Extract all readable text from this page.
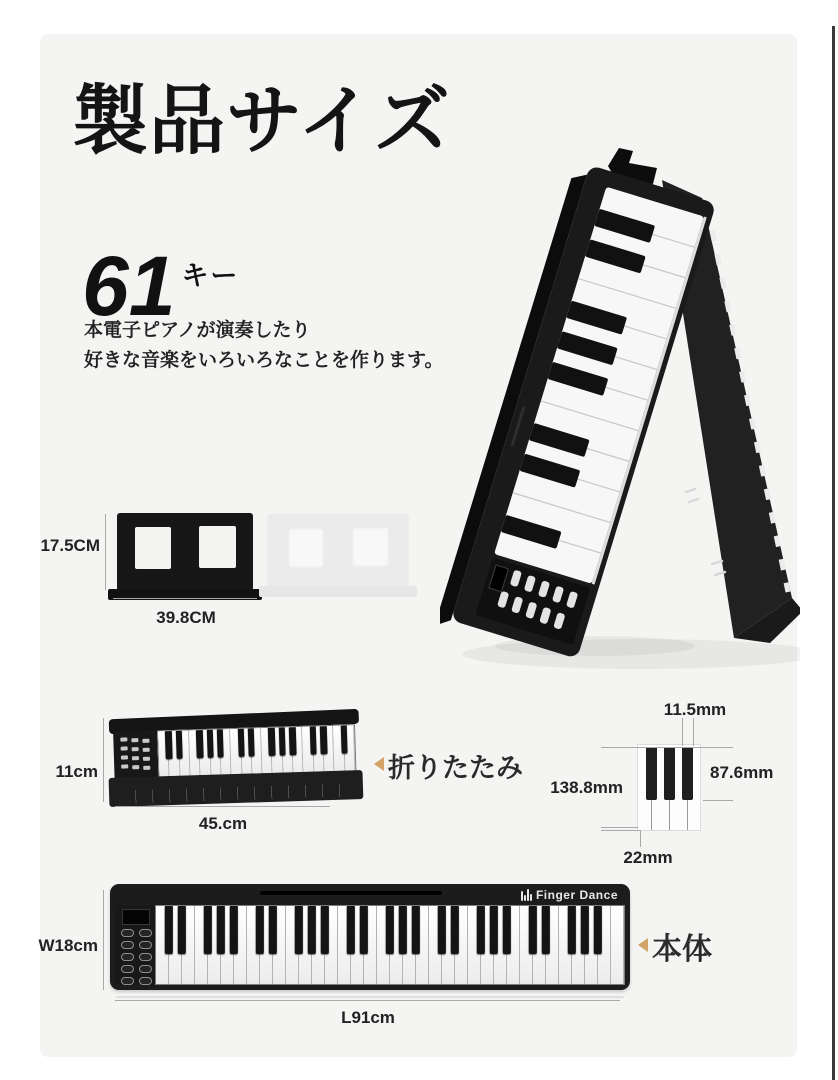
製品サイズ
61 キー
本電子ピアノが演奏したり
好きな音楽をいろいろなことを作ります。
17.5CM
39.8CM
11cm
45.cm
折りたたみ
11.5mm
87.6mm
138.8mm
22mm
Finger Dance
W18cm
L91cm
本体
